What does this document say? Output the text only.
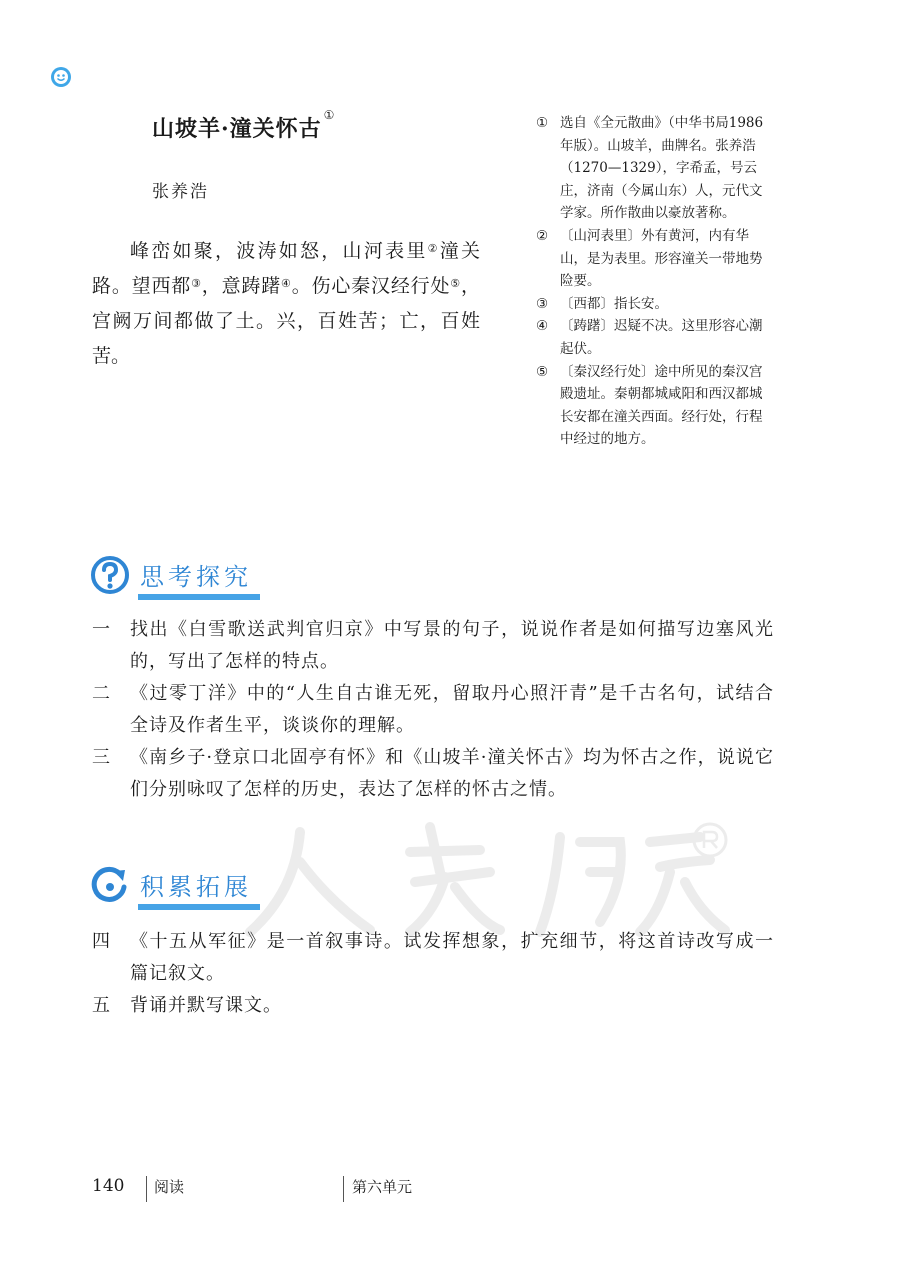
山坡羊·潼关怀古①
张养浩

峰峦如聚，波涛如怒，山河表里②潼关路。望西都③，意踌躇④。伤心秦汉经行处⑤，宫阙万间都做了土。兴，百姓苦；亡，百姓苦。

① 选自《全元散曲》（中华书局1986年版）。山坡羊，曲牌名。张养浩（1270—1329），字希孟，号云庄，济南（今属山东）人，元代文学家。所作散曲以豪放著称。
② 〔山河表里〕外有黄河，内有华山，是为表里。形容潼关一带地势险要。
③ 〔西都〕指长安。
④ 〔踌躇〕迟疑不决。这里形容心潮起伏。
⑤ 〔秦汉经行处〕途中所见的秦汉宫殿遗址。秦朝都城咸阳和西汉都城长安都在潼关西面。经行处，行程中经过的地方。
思考探究
一 找出《白雪歌送武判官归京》中写景的句子，说说作者是如何描写边塞风光的，写出了怎样的特点。
二 《过零丁洋》中的“人生自古谁无死，留取丹心照汗青”是千古名句，试结合全诗及作者生平，谈谈你的理解。
三 《南乡子·登京口北固亭有怀》和《山坡羊·潼关怀古》均为怀古之作，说说它们分别咏叹了怎样的历史，表达了怎样的怀古之情。
积累拓展
四 《十五从军征》是一首叙事诗。试发挥想象，扩充细节，将这首诗改写成一篇记叙文。
五 背诵并默写课文。
140 阅读	第六单元
